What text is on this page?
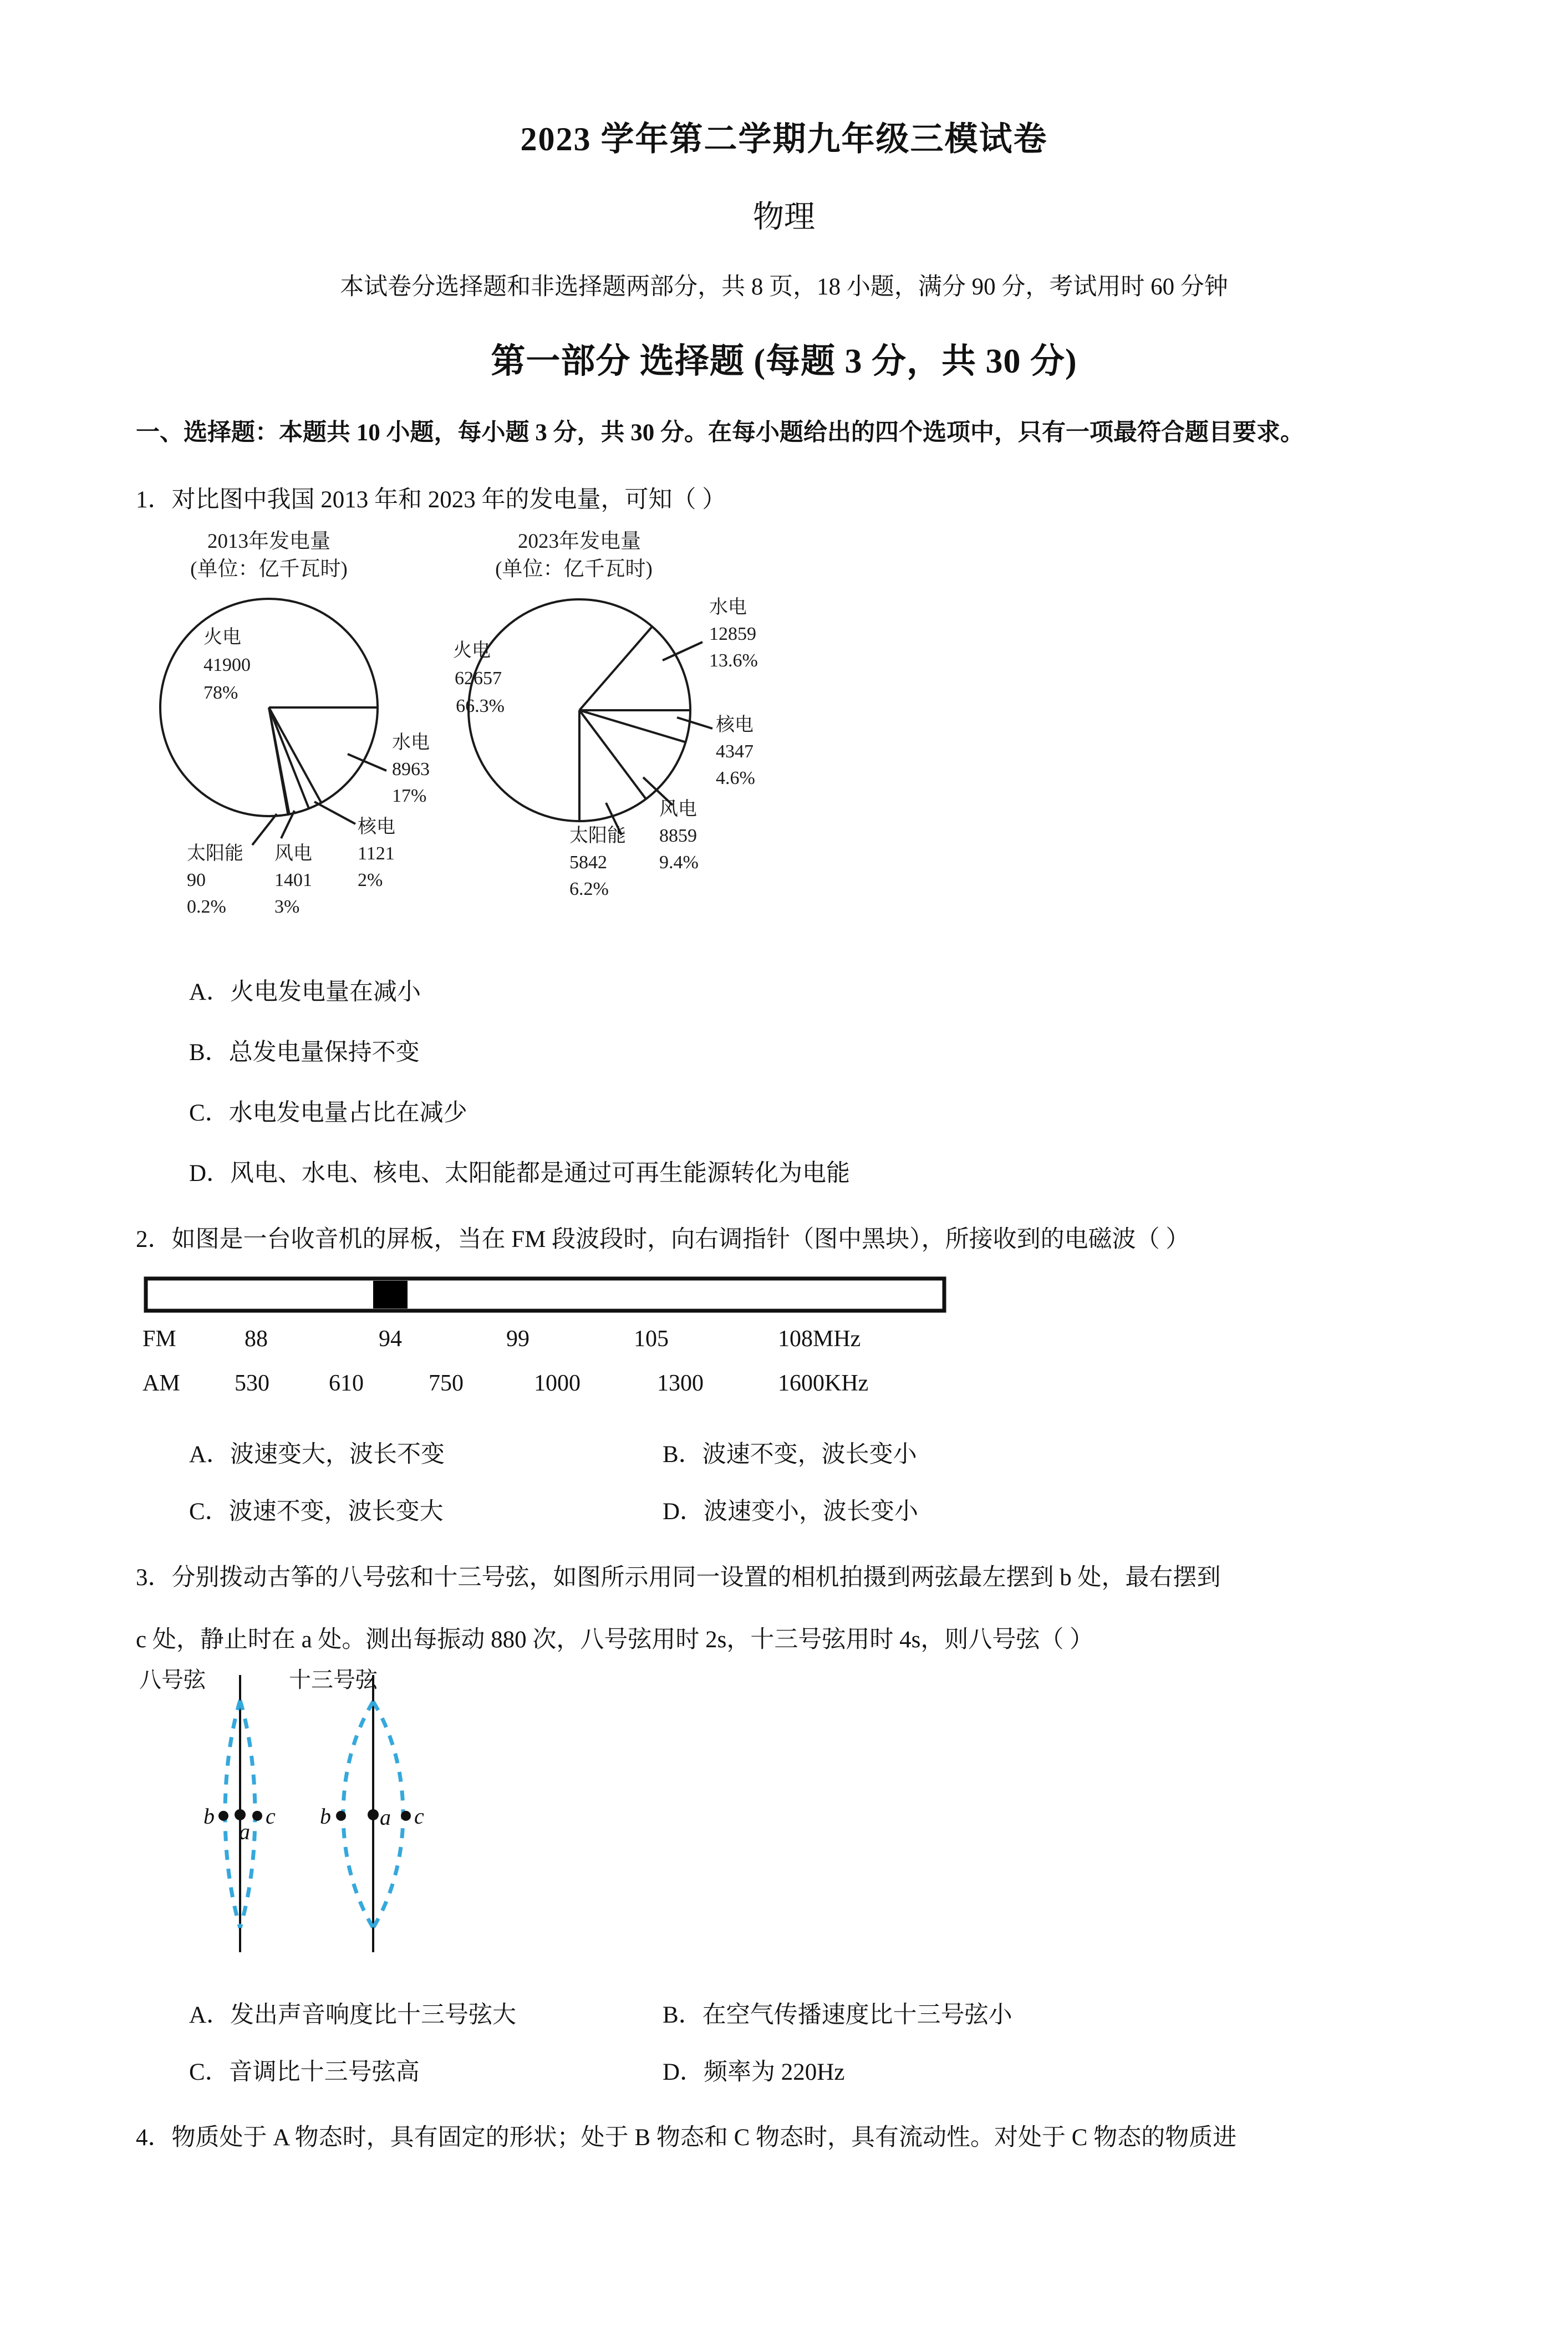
2023 学年第二学期九年级三模试卷
物理
本试卷分选择题和非选择题两部分，共 8 页，18 小题，满分 90 分，考试用时 60 分钟
第一部分 选择题 (每题 3 分，共 30 分)
一、选择题：本题共 10 小题，每小题 3 分，共 30 分。在每小题给出的四个选项中，只有一项最符合题目要求。
1．对比图中我国 2013 年和 2023 年的发电量，可知（ ）
2013年发电量
(单位：亿千瓦时)
火电
41900
78%
水电
8963
17%
核电
1121
2%
风电
1401
3%
太阳能
90
0.2%
2023年发电量
(单位：亿千瓦时)
火电
62657
66.3%
水电
12859
13.6%
核电
4347
4.6%
风电
8859
9.4%
太阳能
5842
6.2%
A．火电发电量在减小
B．总发电量保持不变
C．水电发电量占比在减少
D．风电、水电、核电、太阳能都是通过可再生能源转化为电能
2．如图是一台收音机的屏板，当在 FM 段波段时，向右调指针（图中黑块），所接收到的电磁波（ ）
FM	88	94	99	105	108MHz
AM 530	610	750	1000	1300	1600KHz
A．波速变大，波长不变	B．波速不变，波长变小
C．波速不变，波长变大	D．波速变小，波长变小
3．分别拨动古筝的八号弦和十三号弦，如图所示用同一设置的相机拍摄到两弦最左摆到 b 处，最右摆到
c 处，静止时在 a 处。测出每振动 880 次，八号弦用时 2s，十三号弦用时 4s，则八号弦（ ）
八号弦	十三号弦
b
a
c b a c
A．发出声音响度比十三号弦大	B．在空气传播速度比十三号弦小
C．音调比十三号弦高	D．频率为 220Hz
4．物质处于 A 物态时，具有固定的形状；处于 B 物态和 C 物态时，具有流动性。对处于 C 物态的物质进
